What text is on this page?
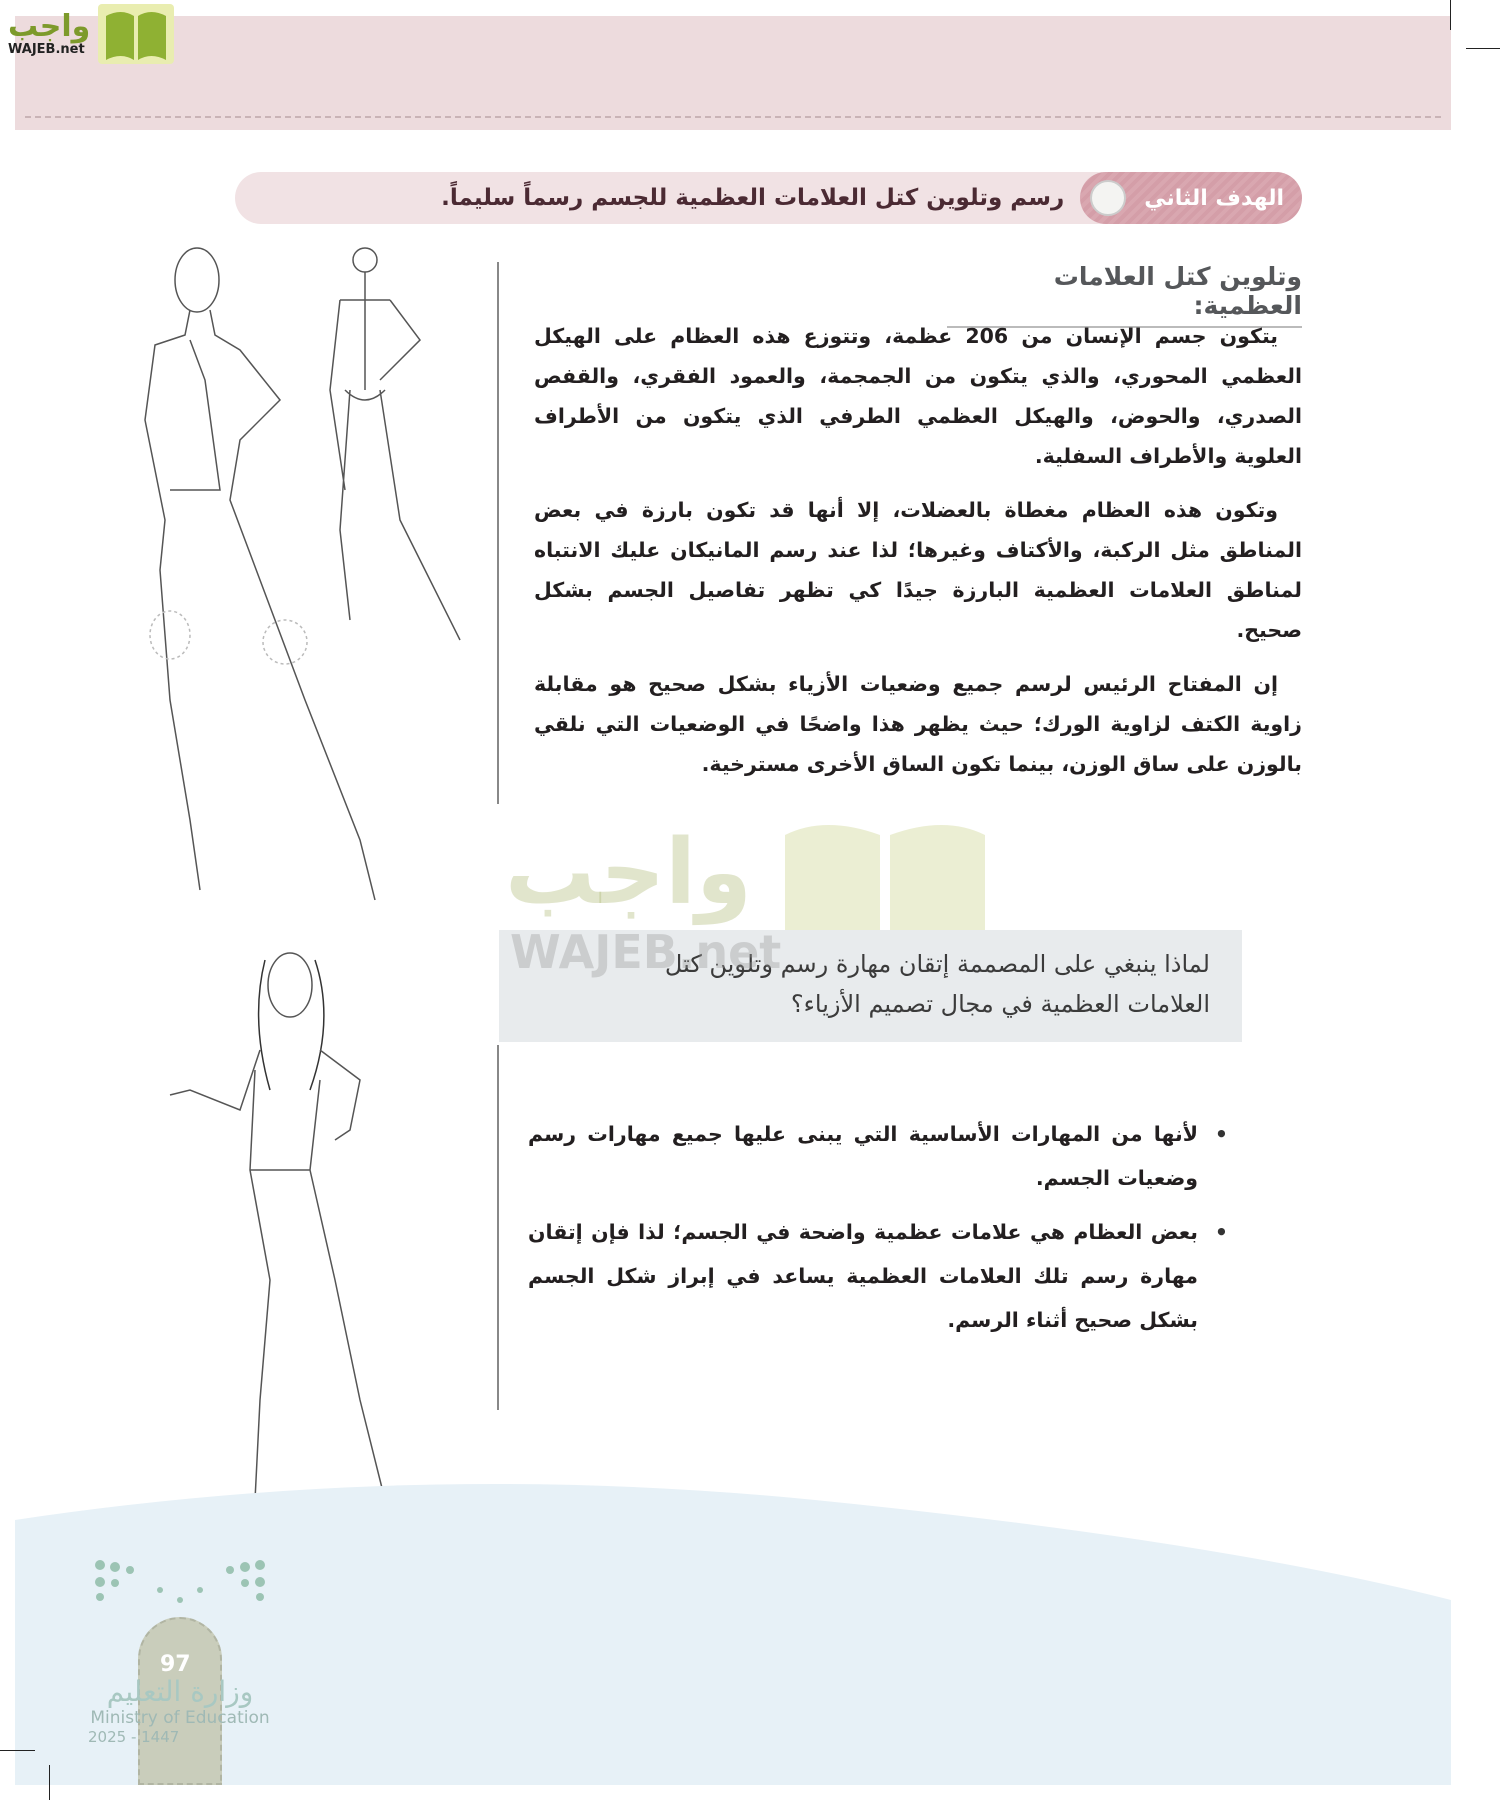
واجب
WAJEB.net
الهدف الثاني
رسم وتلوين كتل العلامات العظمية للجسم رسماً سليماً.
وتلوين كتل العلامات العظمية:

يتكون جسم الإنسان من 206 عظمة، وتتوزع هذه العظام على الهيكل العظمي المحوري، والذي يتكون من الجمجمة، والعمود الفقري، والقفص الصدري، والحوض، والهيكل العظمي الطرفي الذي يتكون من الأطراف العلوية والأطراف السفلية.

وتكون هذه العظام مغطاة بالعضلات، إلا أنها قد تكون بارزة في بعض المناطق مثل الركبة، والأكتاف وغيرها؛ لذا عند رسم المانيكان عليك الانتباه لمناطق العلامات العظمية البارزة جيدًا كي تظهر تفاصيل الجسم بشكل صحيح.

إن المفتاح الرئيس لرسم جميع وضعيات الأزياء بشكل صحيح هو مقابلة زاوية الكتف لزاوية الورك؛ حيث يظهر هذا واضحًا في الوضعيات التي نلقي بالوزن على ساق الوزن، بينما تكون الساق الأخرى مسترخية.

واجب
لماذا ينبغي على المصممة إتقان مهارة رسم وتلوين كتل العلامات العظمية في مجال تصميم الأزياء؟
WAJEB.net
• لأنها من المهارات الأساسية التي يبنى عليها جميع مهارات رسم وضعيات الجسم.
• بعض العظام هي علامات عظمية واضحة في الجسم؛ لذا فإن إتقان مهارة رسم تلك العلامات العظمية يساعد في إبراز شكل الجسم بشكل صحيح أثناء الرسم.
97
وزارة التعليم
Ministry of Education
2025 - 1447
